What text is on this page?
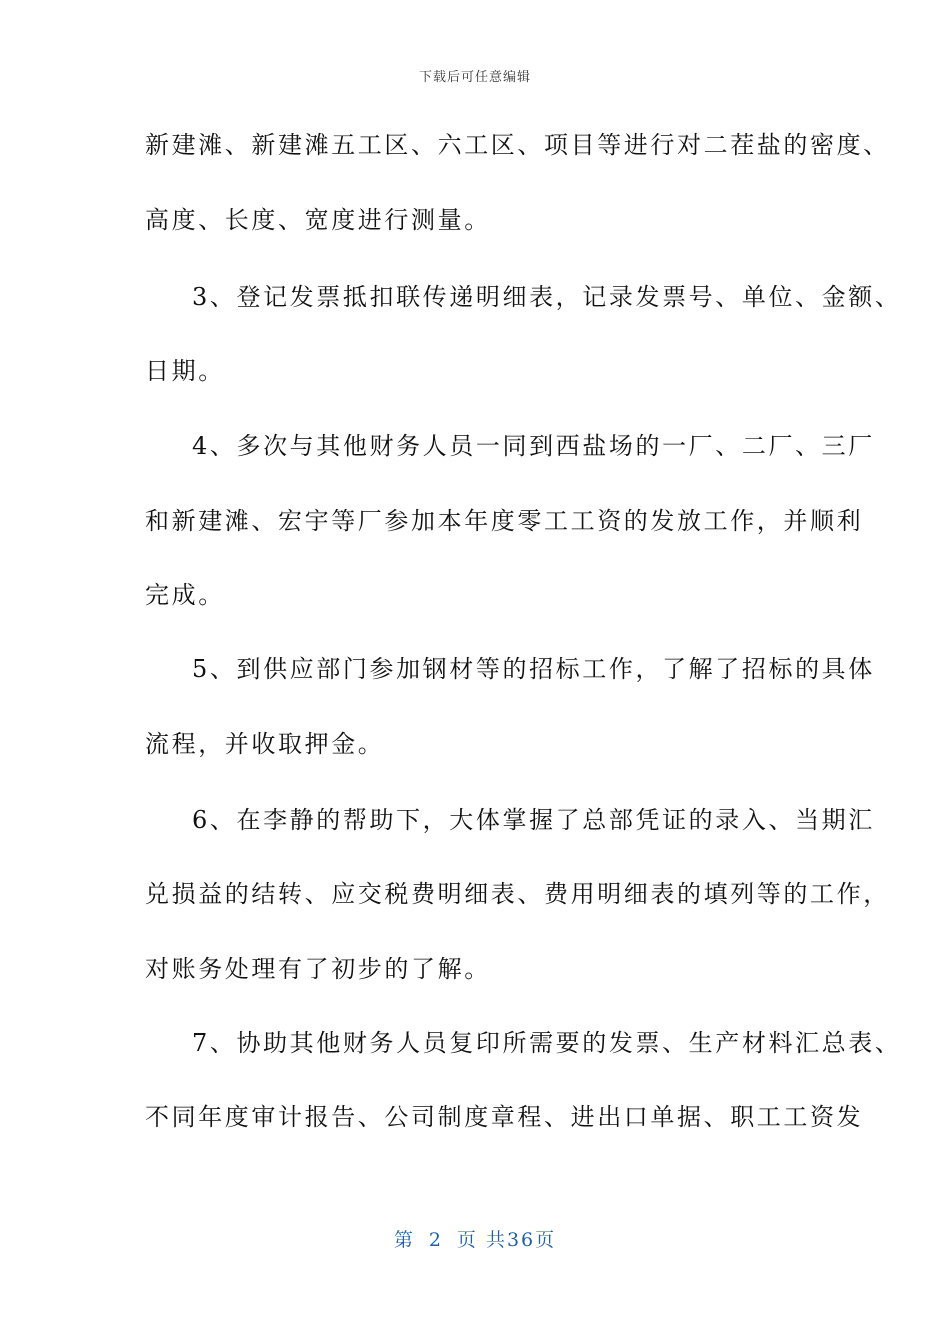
下载后可任意编辑
新建滩、新建滩五工区、六工区、项目等进行对二茬盐的密度、
高度、长度、宽度进行测量。
3、登记发票抵扣联传递明细表，记录发票号、单位、金额、
日期。
4、多次与其他财务人员一同到西盐场的一厂、二厂、三厂
和新建滩、宏宇等厂参加本年度零工工资的发放工作，并顺利
完成。
5、到供应部门参加钢材等的招标工作，了解了招标的具体
流程，并收取押金。
6、在李静的帮助下，大体掌握了总部凭证的录入、当期汇
兑损益的结转、应交税费明细表、费用明细表的填列等的工作，
对账务处理有了初步的了解。
7、协助其他财务人员复印所需要的发票、生产材料汇总表、
不同年度审计报告、公司制度章程、进出口单据、职工工资发
第 2 页 共36页
